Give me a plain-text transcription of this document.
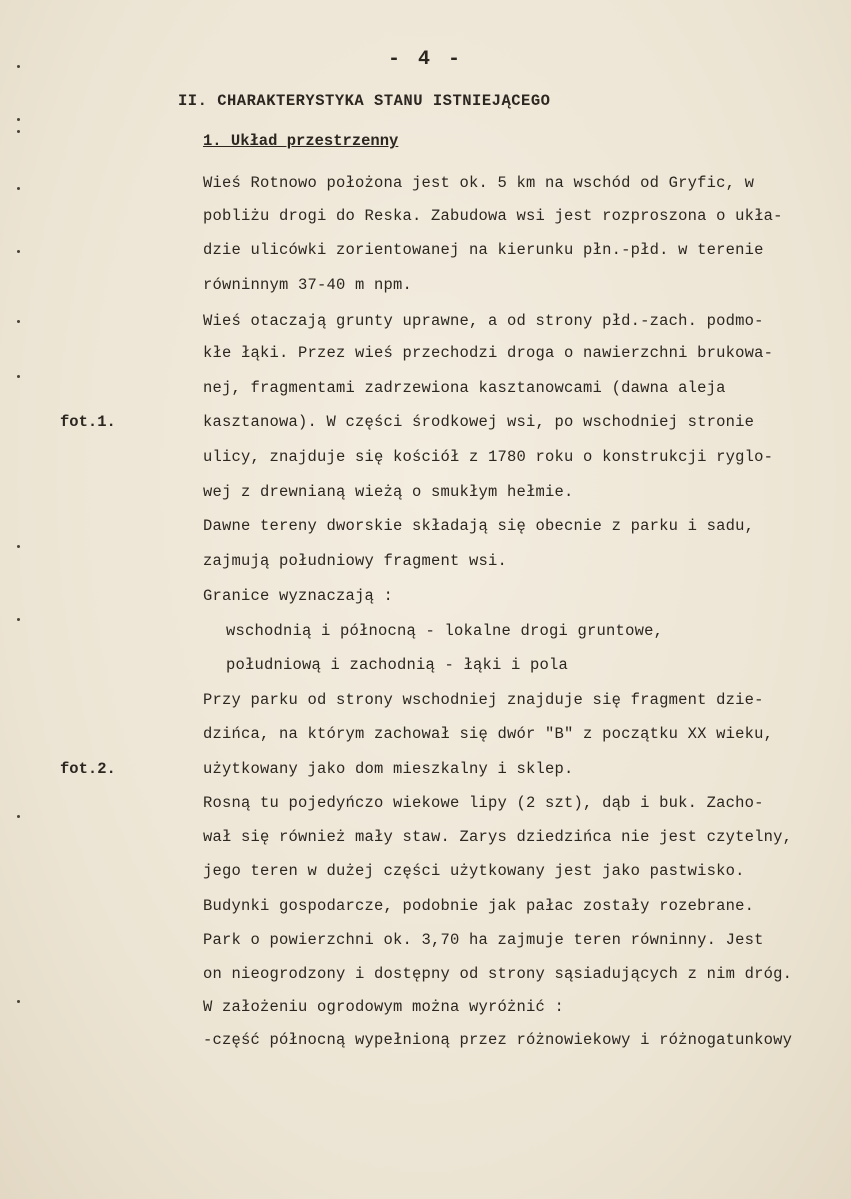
- 4 -
II. CHARAKTERYSTYKA STANU ISTNIEJĄCEGO
1. Układ przestrzenny
fot.1.
fot.2.
Wieś Rotnowo położona jest ok. 5 km na wschód od Gryfic, w
pobliżu drogi do Reska. Zabudowa wsi jest rozproszona o ukła-
dzie ulicówki zorientowanej na kierunku płn.-płd. w terenie
równinnym 37-40 m npm.
Wieś otaczają grunty uprawne, a od strony płd.-zach. podmo-
kłe łąki. Przez wieś przechodzi droga o nawierzchni brukowa-
nej, fragmentami zadrzewiona kasztanowcami (dawna aleja
kasztanowa). W części środkowej wsi, po wschodniej stronie
ulicy, znajduje się kościół z 1780 roku o konstrukcji ryglo-
wej z drewnianą wieżą o smukłym hełmie.
Dawne tereny dworskie składają się obecnie z parku i sadu,
zajmują południowy fragment wsi.
Granice wyznaczają :
wschodnią i północną - lokalne drogi gruntowe,
południową i zachodnią - łąki i pola
Przy parku od strony wschodniej znajduje się fragment dzie-
dzińca, na którym zachował się dwór "B" z początku XX wieku,
użytkowany jako dom mieszkalny i sklep.
Rosną tu pojedyńczo wiekowe lipy (2 szt), dąb i buk. Zacho-
wał się również mały staw. Zarys dziedzińca nie jest czytelny,
jego teren w dużej części użytkowany jest jako pastwisko.
Budynki gospodarcze, podobnie jak pałac zostały rozebrane.
Park o powierzchni ok. 3,70 ha zajmuje teren równinny. Jest
on nieogrodzony i dostępny od strony sąsiadujących z nim dróg.
W założeniu ogrodowym można wyróżnić :
-część północną wypełnioną przez różnowiekowy i różnogatunkowy
